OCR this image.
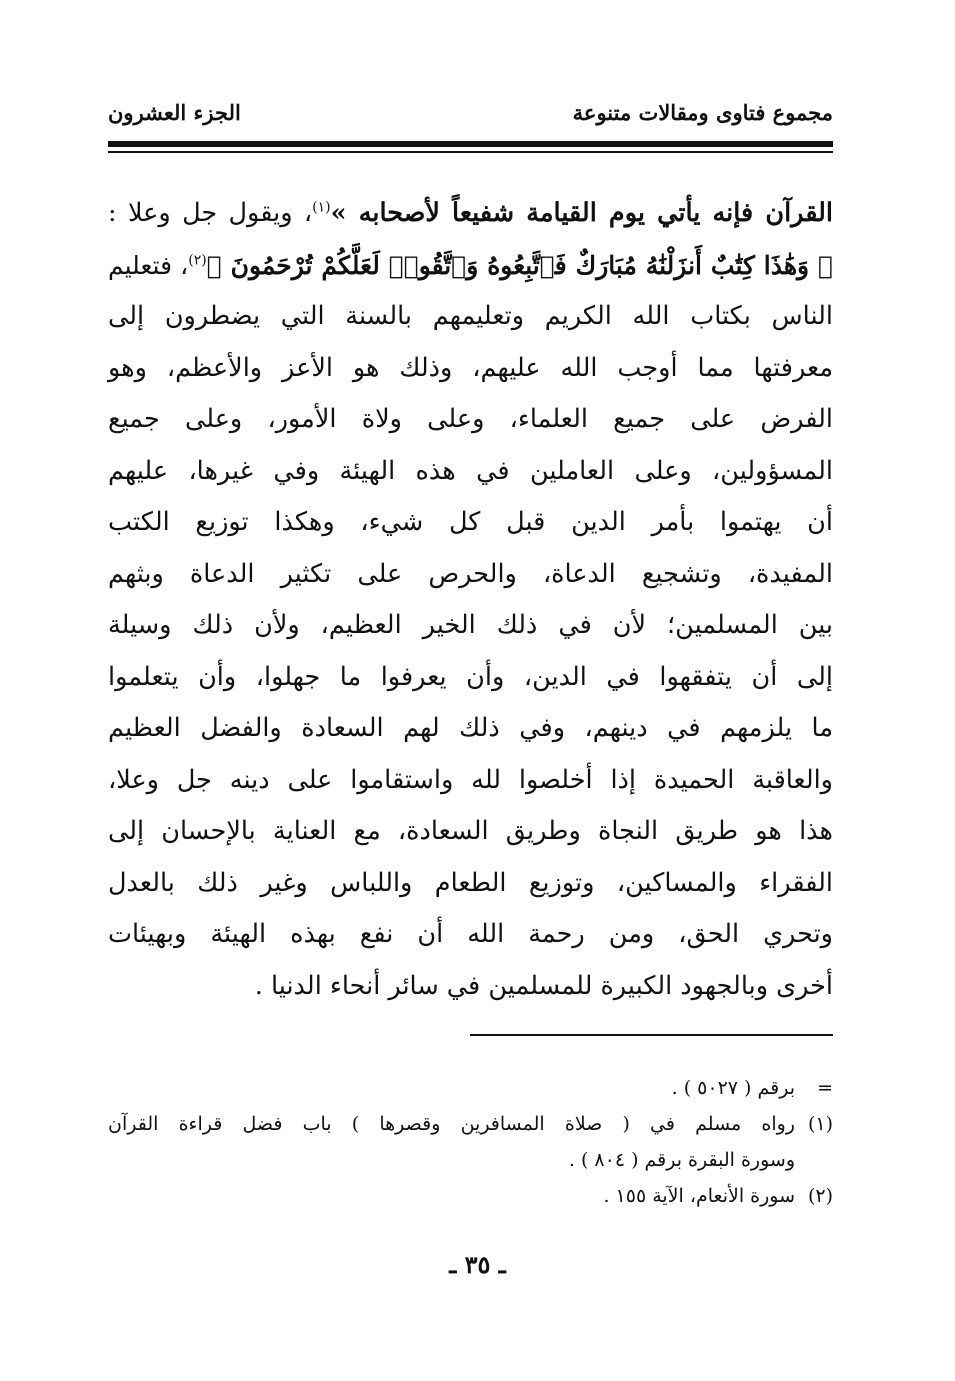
مجموع فتاوى ومقالات متنوعة
الجزء العشرون
القرآن فإنه يأتي يوم القيامة شفيعاً لأصحابه »$^{(١)}$، ويقول جل وعلا :
﴿ وَهَٰذَا كِتَٰبٌ أَنزَلْنَٰهُ مُبَارَكٌ فَٱتَّبِعُوهُ وَٱتَّقُوا۟ لَعَلَّكُمْ تُرْحَمُونَ ﴾$^{(٢)}$، فتعليم
الناس بكتاب الله الكريم وتعليمهم بالسنة التي يضطرون إلى
معرفتها مما أوجب الله عليهم، وذلك هو الأعز والأعظم، وهو
الفرض على جميع العلماء، وعلى ولاة الأمور، وعلى جميع
المسؤولين، وعلى العاملين في هذه الهيئة وفي غيرها، عليهم
أن يهتموا بأمر الدين قبل كل شيء، وهكذا توزيع الكتب
المفيدة، وتشجيع الدعاة، والحرص على تكثير الدعاة وبثهم
بين المسلمين؛ لأن في ذلك الخير العظيم، ولأن ذلك وسيلة
إلى أن يتفقهوا في الدين، وأن يعرفوا ما جهلوا، وأن يتعلموا
ما يلزمهم في دينهم، وفي ذلك لهم السعادة والفضل العظيم
والعاقبة الحميدة إذا أخلصوا لله واستقاموا على دينه جل وعلا،
هذا هو طريق النجاة وطريق السعادة، مع العناية بالإحسان إلى
الفقراء والمساكين، وتوزيع الطعام واللباس وغير ذلك بالعدل
وتحري الحق، ومن رحمة الله أن نفع بهذه الهيئة وبهيئات
أخرى وبالجهود الكبيرة للمسلمين في سائر أنحاء الدنيا .
=
برقم ( ٥٠٢٧ ) .
(١)
رواه مسلم في ( صلاة المسافرين وقصرها ) باب فضل قراءة القرآن
وسورة البقرة برقم ( ٨٠٤ ) .
(٢)
سورة الأنعام، الآية ١٥٥ .
ـ ٣٥ ـ
